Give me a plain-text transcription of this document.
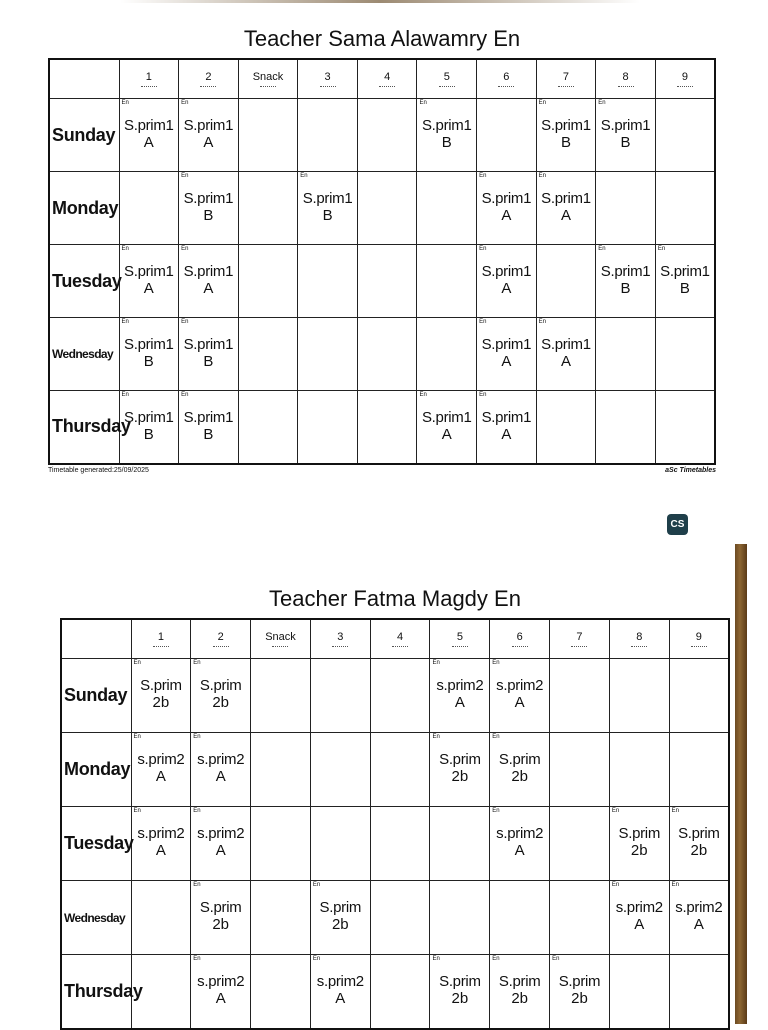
Teacher Sama Alawamry En

	1	2	Snack	3	4	5	6	7	8	9

Sunday	En
S.prim1
A	En
S.prim1
A				En
S.prim1
B		En
S.prim1
B	En
S.prim1
B	

Monday		En
S.prim1
B		En
S.prim1
B			En
S.prim1
A	En
S.prim1
A		

Tuesday	En
S.prim1
A	En
S.prim1
A					En
S.prim1
A		En
S.prim1
B	En
S.prim1
B

Wednesday	En
S.prim1
B	En
S.prim1
B					En
S.prim1
A	En
S.prim1
A		

Thursday	En
S.prim1
B	En
S.prim1
B				En
S.prim1
A	En
S.prim1
A			

Timetable generated:25/09/2025	aSc Timetables
CS
Teacher Fatma Magdy En

	1	2	Snack	3	4	5	6	7	8	9

Sunday	En
S.prim
2b	En
S.prim
2b				En
s.prim2
A	En
s.prim2
A			

Monday	En
s.prim2
A	En
s.prim2
A				En
S.prim
2b	En
S.prim
2b			

Tuesday	En
s.prim2
A	En
s.prim2
A					En
s.prim2
A		En
S.prim
2b	En
S.prim
2b

Wednesday		En
S.prim
2b		En
S.prim
2b					En
s.prim2
A	En
s.prim2
A

Thursday		En
s.prim2
A		En
s.prim2
A		En
S.prim
2b	En
S.prim
2b	En
S.prim
2b		
